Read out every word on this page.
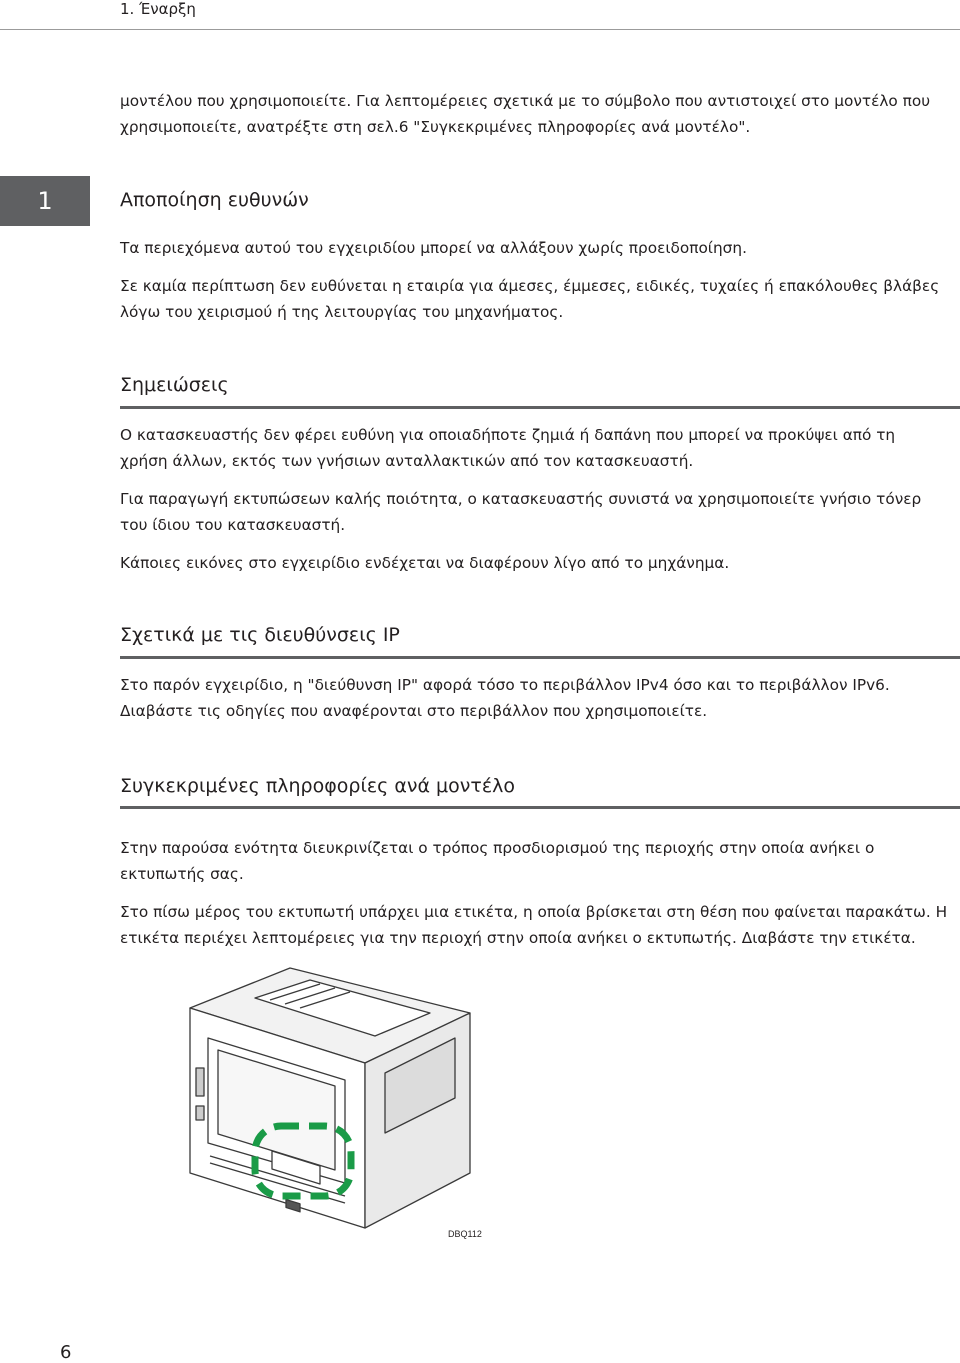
1. Έναρξη

μοντέλου που χρησιμοποιείτε. Για λεπτομέρειες σχετικά με το σύμβολο που αντιστοιχεί στο μοντέλο που

χρησιμοποιείτε, ανατρέξτε στη σελ.6 "Συγκεκριμένες πληροφορίες ανά μοντέλο".

1	Αποποίηση ευθυνών

Τα περιεχόμενα αυτού του εγχειριδίου μπορεί να αλλάξουν χωρίς προειδοποίηση.

Σε καμία περίπτωση δεν ευθύνεται η εταιρία για άμεσες, έμμεσες, ειδικές, τυχαίες ή επακόλουθες βλάβες

λόγω του χειρισμού ή της λειτουργίας του μηχανήματος.

Σημειώσεις

Ο κατασκευαστής δεν φέρει ευθύνη για οποιαδήποτε ζημιά ή δαπάνη που μπορεί να προκύψει από τη

χρήση άλλων, εκτός των γνήσιων ανταλλακτικών από τον κατασκευαστή.

Για παραγωγή εκτυπώσεων καλής ποιότητα, ο κατασκευαστής συνιστά να χρησιμοποιείτε γνήσιο τόνερ

του ίδιου του κατασκευαστή.

Κάποιες εικόνες στο εγχειρίδιο ενδέχεται να διαφέρουν λίγο από το μηχάνημα.

Σχετικά με τις διευθύνσεις IP

Στο παρόν εγχειρίδιο, η "διεύθυνση IP" αφορά τόσο το περιβάλλον IPv4 όσο και το περιβάλλον IPv6.

Διαβάστε τις οδηγίες που αναφέρονται στο περιβάλλον που χρησιμοποιείτε.

Συγκεκριμένες πληροφορίες ανά μοντέλο

Στην παρούσα ενότητα διευκρινίζεται ο τρόπος προσδιορισμού της περιοχής στην οποία ανήκει ο

εκτυπωτής σας.

Στο πίσω μέρος του εκτυπωτή υπάρχει μια ετικέτα, η οποία βρίσκεται στη θέση που φαίνεται παρακάτω. Η

ετικέτα περιέχει λεπτομέρειες για την περιοχή στην οποία ανήκει ο εκτυπωτής. Διαβάστε την ετικέτα.

DBQ112
6
